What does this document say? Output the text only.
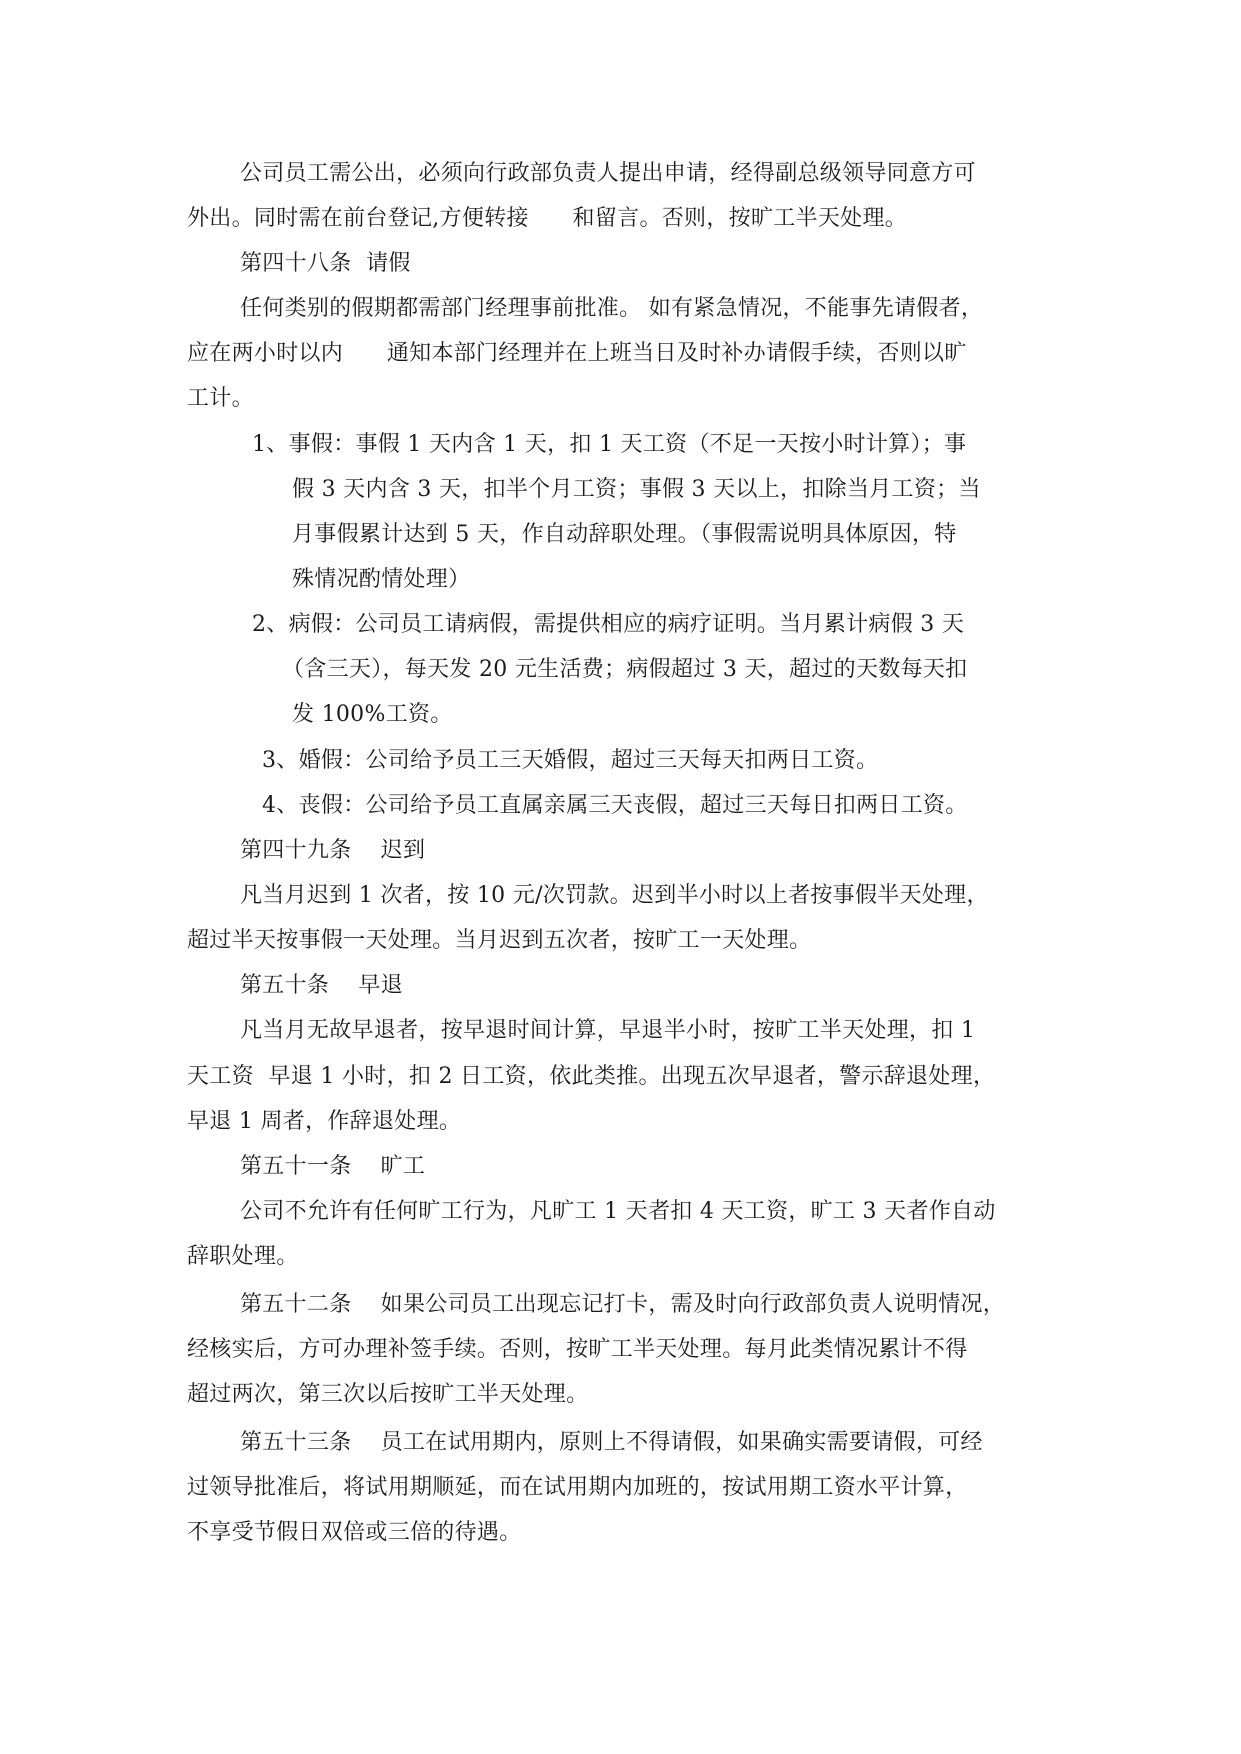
公司员工需公出，必须向行政部负责人提出申请，经得副总级领导同意方可
外出。同时需在前台登记,方便转接      和留言。否则，按旷工半天处理。
第四十八条  请假
任何类别的假期都需部门经理事前批准。 如有紧急情况，不能事先请假者，
应在两小时以内      通知本部门经理并在上班当日及时补办请假手续，否则以旷
工计。
1、事假：事假 1 天内含 1 天，扣 1 天工资（不足一天按小时计算）；事
假 3 天内含 3 天，扣半个月工资；事假 3 天以上，扣除当月工资；当
月事假累计达到 5 天，作自动辞职处理。（事假需说明具体原因，特
殊情况酌情处理）
2、病假：公司员工请病假，需提供相应的病疗证明。当月累计病假 3 天
（含三天），每天发 20 元生活费；病假超过 3 天，超过的天数每天扣
发 100%工资。
3、婚假：公司给予员工三天婚假，超过三天每天扣两日工资。
4、丧假：公司给予员工直属亲属三天丧假，超过三天每日扣两日工资。
第四十九条    迟到
凡当月迟到 1 次者，按 10 元/次罚款。迟到半小时以上者按事假半天处理，
超过半天按事假一天处理。当月迟到五次者，按旷工一天处理。
第五十条    早退
凡当月无故早退者，按早退时间计算，早退半小时，按旷工半天处理，扣 1
天工资  早退 1 小时，扣 2 日工资，依此类推。出现五次早退者，警示辞退处理，
早退 1 周者，作辞退处理。
第五十一条    旷工
公司不允许有任何旷工行为，凡旷工 1 天者扣 4 天工资，旷工 3 天者作自动
辞职处理。
第五十二条    如果公司员工出现忘记打卡，需及时向行政部负责人说明情况，
经核实后，方可办理补签手续。否则，按旷工半天处理。每月此类情况累计不得
超过两次，第三次以后按旷工半天处理。
第五十三条    员工在试用期内，原则上不得请假，如果确实需要请假，可经
过领导批准后，将试用期顺延，而在试用期内加班的，按试用期工资水平计算，
不享受节假日双倍或三倍的待遇。
